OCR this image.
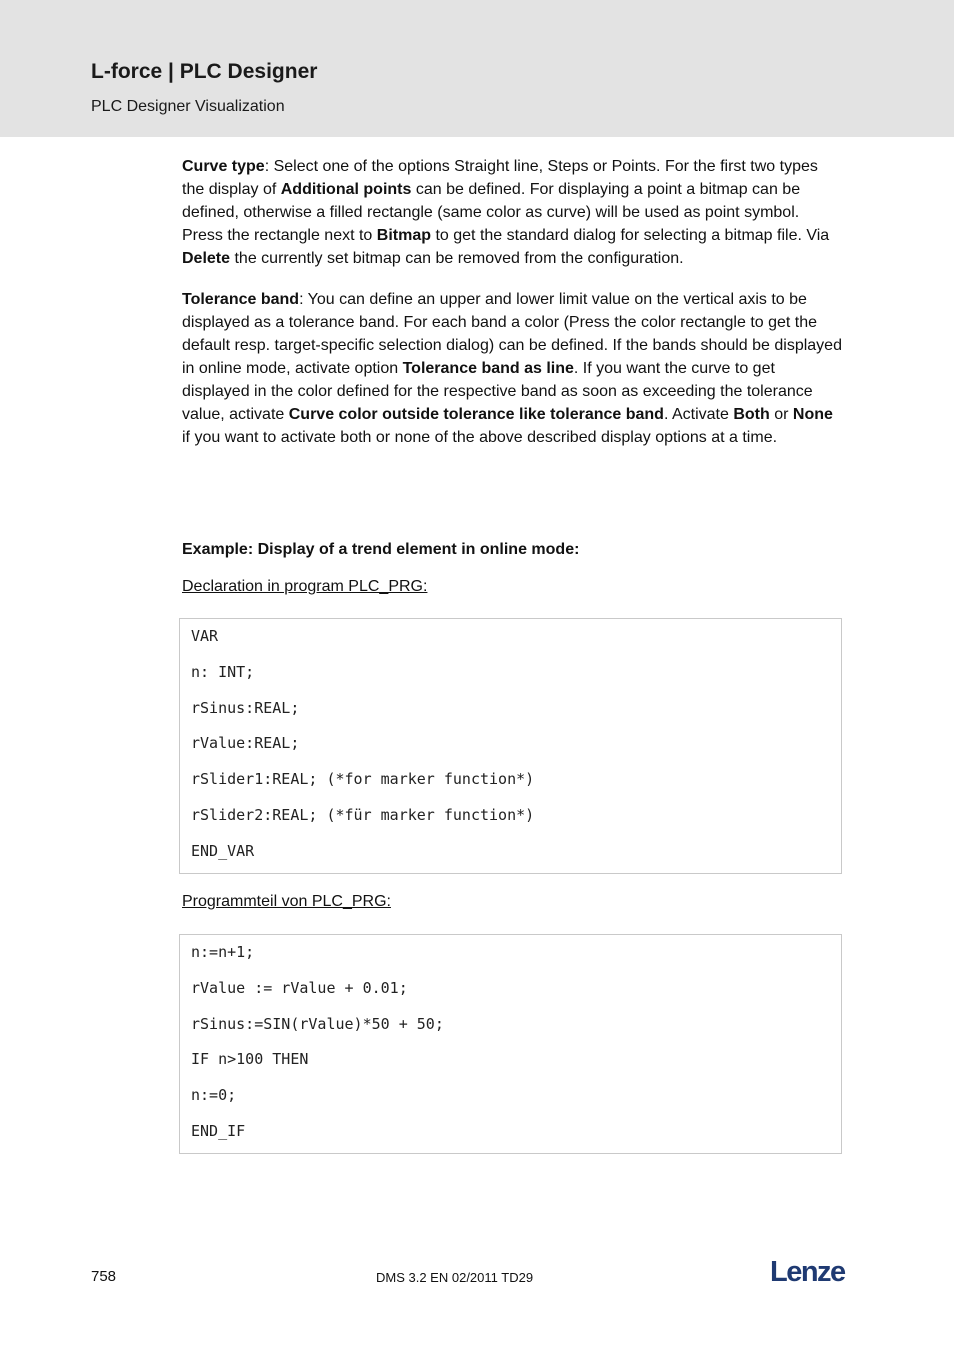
L-force | PLC Designer
PLC Designer Visualization

Curve type: Select one of the options Straight line, Steps or Points. For the first two types the display of Additional points can be defined. For displaying a point a bitmap can be defined, otherwise a filled rectangle (same color as curve) will be used as point symbol. Press the rectangle next to Bitmap to get the standard dialog for selecting a bitmap file. Via Delete the currently set bitmap can be removed from the configuration.

Tolerance band: You can define an upper and lower limit value on the vertical axis to be displayed as a tolerance band. For each band a color (Press the color rectangle to get the default resp. target-specific selection dialog) can be defined. If the bands should be displayed in online mode, activate option Tolerance band as line. If you want the curve to get displayed in the color defined for the respective band as soon as exceeding the tolerance value, activate Curve color outside tolerance like tolerance band. Activate Both or None if you want to activate both or none of the above described display options at a time.

Example: Display of a trend element in online mode:
Declaration in program PLC_PRG:
VAR
n: INT;
rSinus:REAL;
rValue:REAL;
rSlider1:REAL; (*for marker function*)
rSlider2:REAL; (*für marker function*)
END_VAR
Programmteil von PLC_PRG:
n:=n+1;
rValue := rValue + 0.01;
rSinus:=SIN(rValue)*50 + 50;
IF n>100 THEN
n:=0;
END_IF
758	DMS 3.2 EN 02/2011 TD29	Lenze
